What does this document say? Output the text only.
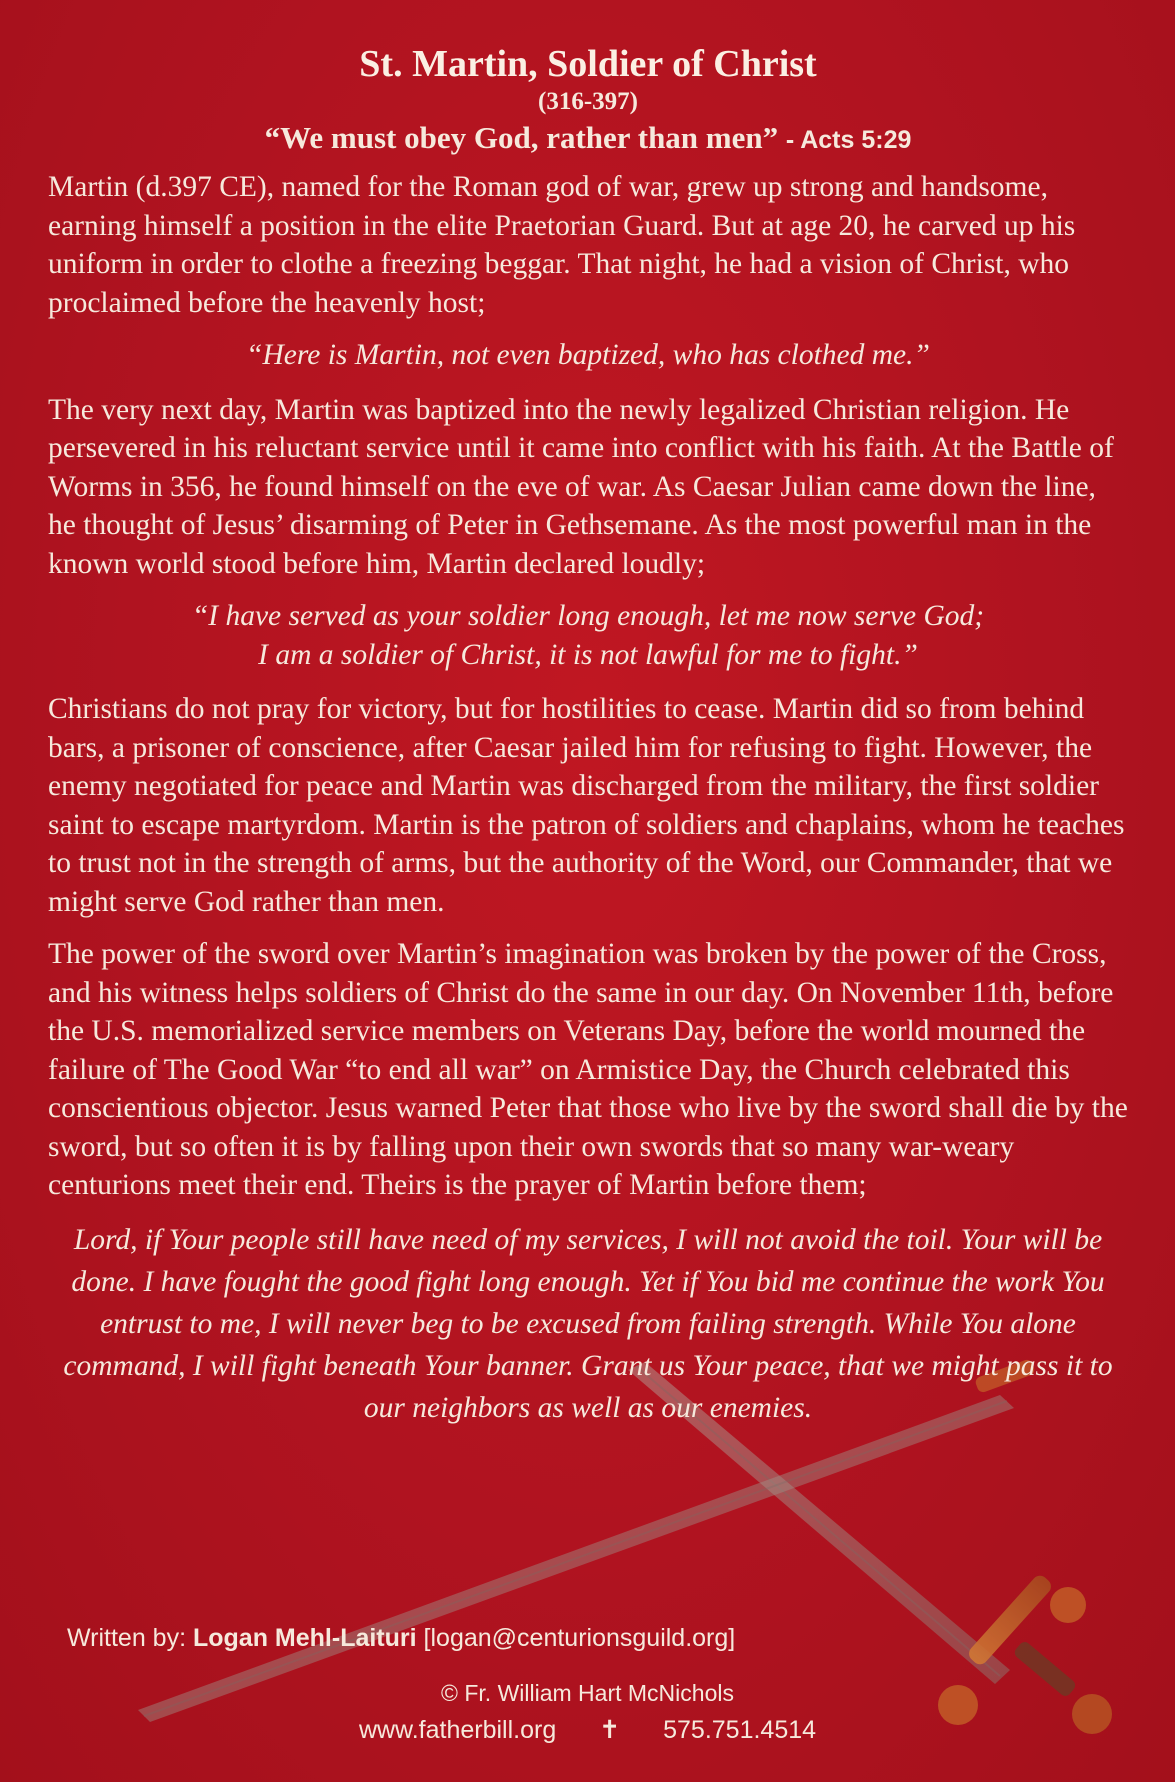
St. Martin, Soldier of Christ
(316-397)
“We must obey God, rather than men” - Acts 5:29

Martin (d.397 CE), named for the Roman god of war, grew up strong and handsome, earning himself a position in the elite Praetorian Guard. But at age 20, he carved up his uniform in order to clothe a freezing beggar. That night, he had a vision of Christ, who proclaimed before the heavenly host;

“Here is Martin, not even baptized, who has clothed me.”

The very next day, Martin was baptized into the newly legalized Christian religion. He persevered in his reluctant service until it came into conflict with his faith. At the Battle of Worms in 356, he found himself on the eve of war. As Caesar Julian came down the line, he thought of Jesus’ disarming of Peter in Gethsemane. As the most powerful man in the known world stood before him, Martin declared loudly;

“I have served as your soldier long enough, let me now serve God;
I am a soldier of Christ, it is not lawful for me to fight.”

Christians do not pray for victory, but for hostilities to cease. Martin did so from behind bars, a prisoner of conscience, after Caesar jailed him for refusing to fight. However, the enemy negotiated for peace and Martin was discharged from the military, the first soldier saint to escape martyrdom. Martin is the patron of soldiers and chaplains, whom he teaches to trust not in the strength of arms, but the authority of the Word, our Commander, that we might serve God rather than men.

The power of the sword over Martin’s imagination was broken by the power of the Cross, and his witness helps soldiers of Christ do the same in our day. On November 11th, before the U.S. memorialized service members on Veterans Day, before the world mourned the failure of The Good War “to end all war” on Armistice Day, the Church celebrated this conscientious objector. Jesus warned Peter that those who live by the sword shall die by the sword, but so often it is by falling upon their own swords that so many war-weary centurions meet their end. Theirs is the prayer of Martin before them;

Lord, if Your people still have need of my services, I will not avoid the toil. Your will be done. I have fought the good fight long enough. Yet if You bid me continue the work You entrust to me, I will never beg to be excused from failing strength. While You alone command, I will fight beneath Your banner. Grant us Your peace, that we might pass it to our neighbors as well as our enemies.

Written by: Logan Mehl-Laituri [logan@centurionsguild.org]
© Fr. William Hart McNichols
www.fatherbill.org ✝ 575.751.4514
